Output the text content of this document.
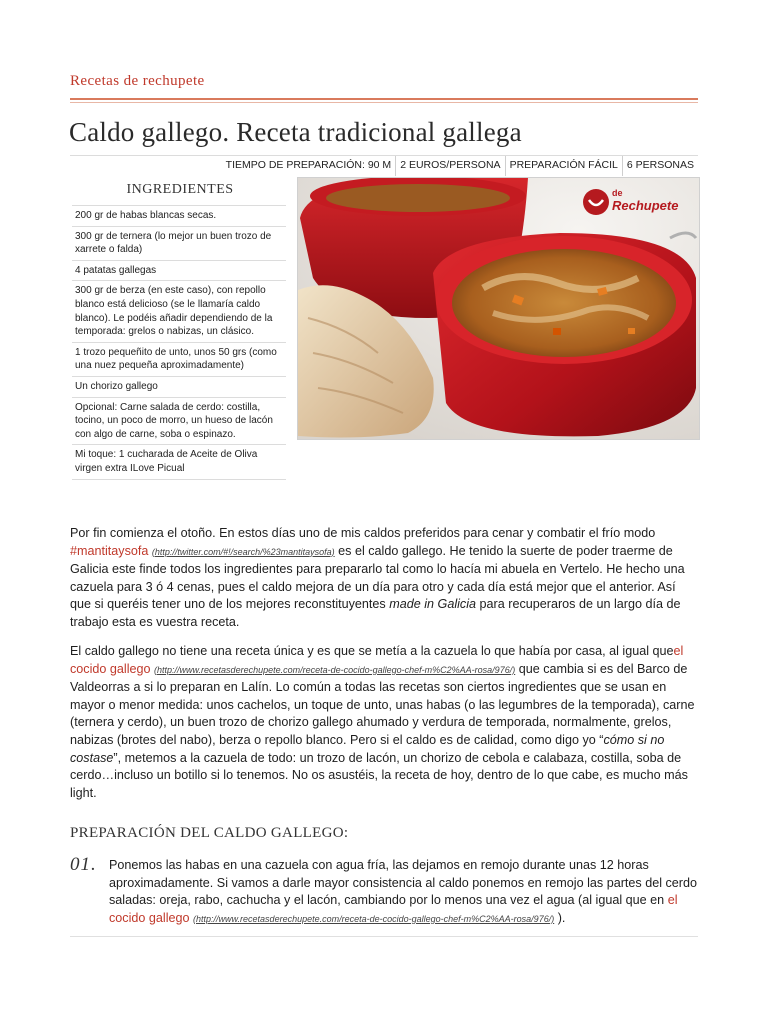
Recetas de rechupete
Caldo gallego. Receta tradicional gallega
TIEMPO DE PREPARACIÓN: 90 M 2 EUROS/PERSONA PREPARACIÓN FÁCIL 6 PERSONAS
INGREDIENTES
200 gr de habas blancas secas.
300 gr de ternera (lo mejor un buen trozo de xarrete o falda)
4 patatas gallegas
300 gr de berza (en este caso), con repollo blanco está delicioso (se le llamaría caldo blanco). Le podéis añadir dependiendo de la temporada: grelos o nabizas, un clásico.
1 trozo pequeñito de unto, unos 50 grs (como una nuez pequeña aproximadamente)
Un chorizo gallego
Opcional: Carne salada de cerdo: costilla, tocino, un poco de morro, un hueso de lacón con algo de carne, soba o espinazo.
Mi toque: 1 cucharada de Aceite de Oliva virgen extra ILove Picual
de
Rechupete
Por fin comienza el otoño. En estos días uno de mis caldos preferidos para cenar y combatir el frío modo #mantitaysofa (http://twitter.com/#!/search/%23mantitaysofa) es el caldo gallego. He tenido la suerte de poder traerme de Galicia este finde todos los ingredientes para prepararlo tal como lo hacía mi abuela en Vertelo. He hecho una cazuela para 3 ó 4 cenas, pues el caldo mejora de un día para otro y cada día está mejor que el anterior. Así que si queréis tener uno de los mejores reconstituyentes made in Galicia para recuperaros de un largo día de trabajo esta es vuestra receta.
El caldo gallego no tiene una receta única y es que se metía a la cazuela lo que había por casa, al igual queel cocido gallego (http://www.recetasderechupete.com/receta-de-cocido-gallego-chef-m%C2%AA-rosa/976/) que cambia si es del Barco de Valdeorras a si lo preparan en Lalín. Lo común a todas las recetas son ciertos ingredientes que se usan en mayor o menor medida: unos cachelos, un toque de unto, unas habas (o las legumbres de la temporada), carne (ternera y cerdo), un buen trozo de chorizo gallego ahumado y verdura de temporada, normalmente, grelos, nabizas (brotes del nabo), berza o repollo blanco. Pero si el caldo es de calidad, como digo yo “cómo si no costase”, metemos a la cazuela de todo: un trozo de lacón, un chorizo de cebola e calabaza, costilla, soba de cerdo…incluso un botillo si lo tenemos. No os asustéis, la receta de hoy, dentro de lo que cabe, es mucho más light.
PREPARACIÓN DEL CALDO GALLEGO:
01. Ponemos las habas en una cazuela con agua fría, las dejamos en remojo durante unas 12 horas aproximadamente. Si vamos a darle mayor consistencia al caldo ponemos en remojo las partes del cerdo saladas: oreja, rabo, cachucha y el lacón, cambiando por lo menos una vez el agua (al igual que en el cocido gallego (http://www.recetasderechupete.com/receta-de-cocido-gallego-chef-m%C2%AA-rosa/976/) ).
